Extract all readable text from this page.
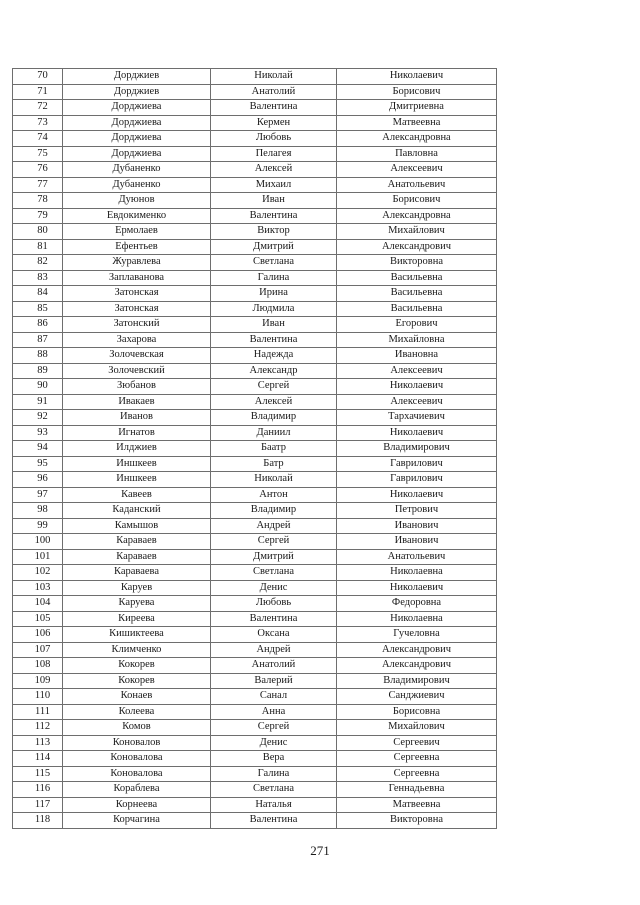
70	Дорджиев	Николай	Николаевич
71	Дорджиев	Анатолий	Борисович
72	Дорджиева	Валентина	Дмитриевна
73	Дорджиева	Кермен	Матвеевна
74	Дорджиева	Любовь	Александровна
75	Дорджиева	Пелагея	Павловна
76	Дубаненко	Алексей	Алексеевич
77	Дубаненко	Михаил	Анатольевич
78	Дуюнов	Иван	Борисович
79	Евдокименко	Валентина	Александровна
80	Ермолаев	Виктор	Михайлович
81	Ефентьев	Дмитрий	Александрович
82	Журавлева	Светлана	Викторовна
83	Заплаванова	Галина	Васильевна
84	Затонская	Ирина	Васильевна
85	Затонская	Людмила	Васильевна
86	Затонский	Иван	Егорович
87	Захарова	Валентина	Михайловна
88	Золочевская	Надежда	Ивановна
89	Золочевский	Александр	Алексеевич
90	Зюбанов	Сергей	Николаевич
91	Ивакаев	Алексей	Алексеевич
92	Иванов	Владимир	Тархачиевич
93	Игнатов	Даниил	Николаевич
94	Илджиев	Баатр	Владимирович
95	Иншкеев	Батр	Гаврилович
96	Иншкеев	Николай	Гаврилович
97	Кавеев	Антон	Николаевич
98	Каданский	Владимир	Петрович
99	Камышов	Андрей	Иванович
100	Караваев	Сергей	Иванович
101	Караваев	Дмитрий	Анатольевич
102	Караваева	Светлана	Николаевна
103	Каруев	Денис	Николаевич
104	Каруева	Любовь	Федоровна
105	Киреева	Валентина	Николаевна
106	Кишиктеева	Оксана	Гучеловна
107	Климченко	Андрей	Александрович
108	Кокорев	Анатолий	Александрович
109	Кокорев	Валерий	Владимирович
110	Конаев	Санал	Санджиевич
111	Колеева	Анна	Борисовна
112	Комов	Сергей	Михайлович
113	Коновалов	Денис	Сергеевич
114	Коновалова	Вера	Сергеевна
115	Коновалова	Галина	Сергеевна
116	Кораблева	Светлана	Геннадьевна
117	Корнеева	Наталья	Матвеевна
118	Корчагина	Валентина	Викторовна
271
